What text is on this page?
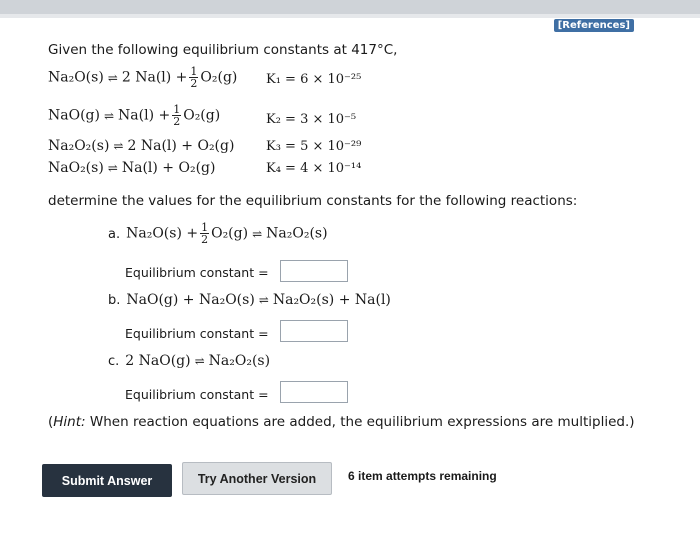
[References]
Given the following equilibrium constants at 417°C,
Na₂O(s) ⇌ 2 $Na(l) + \frac{1}{2} O_2(g) K_1 = 6 \times 10^{-25}$
NaO(g) ⇌ $Na(l) + \frac{1}{2} O_2(g)$	K₂ = 3 × 10⁻⁵
Na₂O₂(s) ⇌ 2 Na(l) + O₂(g) K₃ = 5 × 10⁻²⁹
NaO₂(s) ⇌ Na(l) + O₂(g)	K₄ = 4 × 10⁻¹⁴
determine the values for the equilibrium constants for the following reactions:
a. $Na_2O(s) + \frac{1}{2} O_2(g)$ ⇌ Na₂O₂(s)
Equilibrium constant =
b. NaO(g) + Na₂O(s) ⇌ Na₂O₂(s) + Na(l)
Equilibrium constant =
c. 2 NaO(g) ⇌ Na₂O₂(s)
Equilibrium constant =
(Hint: When reaction equations are added, the equilibrium expressions are multiplied.)
Submit Answer	Try Another Version	6 item attempts remaining
